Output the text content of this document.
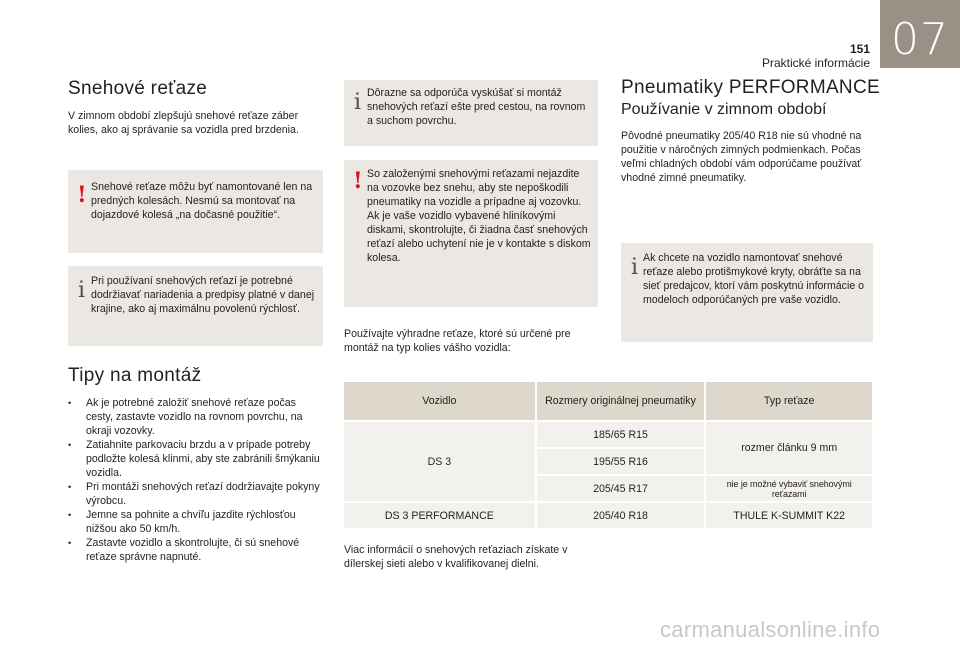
07
151
Praktické informácie
Snehové reťaze

V zimnom období zlepšujú snehové reťaze záber kolies, ako aj správanie sa vozidla pred brzdenia.

! Snehové reťaze môžu byť namontované len na predných kolesách. Nesmú sa montovať na dojazdové kolesá „na dočasné použitie“.
i Pri používaní snehových reťazí je potrebné dodržiavať nariadenia a predpisy platné v danej krajine, ako aj maximálnu povolenú rýchlosť.
Tipy na montáž
• Ak je potrebné založiť snehové reťaze počas cesty, zastavte vozidlo na rovnom povrchu, na okraji vozovky.
• Zatiahnite parkovaciu brzdu a v prípade potreby podložte kolesá klinmi, aby ste zabránili šmýkaniu vozidla.
• Pri montáži snehových reťazí dodržiavajte pokyny výrobcu.
• Jemne sa pohnite a chvíľu jazdite rýchlosťou nižšou ako 50 km/h.
• Zastavte vozidlo a skontrolujte, či sú snehové reťaze správne napnuté.
i Dôrazne sa odporúča vyskúšať si montáž snehových reťazí ešte pred cestou, na rovnom a suchom povrchu.
! So založenými snehovými reťazami nejazdite na vozovke bez snehu, aby ste nepoškodili pneumatiky na vozidle a prípadne aj vozovku. Ak je vaše vozidlo vybavené hliníkovými diskami, skontrolujte, či žiadna časť snehových reťazí alebo uchytení nie je v kontakte s diskom kolesa.

Používajte výhradne reťaze, ktoré sú určené pre montáž na typ kolies vášho vozidla:

Vozidlo	Rozmery originálnej pneumatiky	Typ reťaze
DS 3	185/65 R15	rozmer článku 9 mm
	195/55 R16	
	205/45 R17	nie je možné vybaviť snehovými reťazami
DS 3 PERFORMANCE	205/40 R18	THULE K-SUMMIT K22

Viac informácií o snehových reťaziach získate v dílerskej sieti alebo v kvalifikovanej dielni.

Pneumatiky PERFORMANCE
Používanie v zimnom období

Pôvodné pneumatiky 205/40 R18 nie sú vhodné na použitie v náročných zimných podmienkach. Počas veľmi chladných období vám odporúčame používať vhodné zimné pneumatiky.

i Ak chcete na vozidlo namontovať snehové reťaze alebo protišmykové kryty, obráťte sa na sieť predajcov, ktorí vám poskytnú informácie o modeloch odporúčaných pre vaše vozidlo.
carmanualsonline.info
